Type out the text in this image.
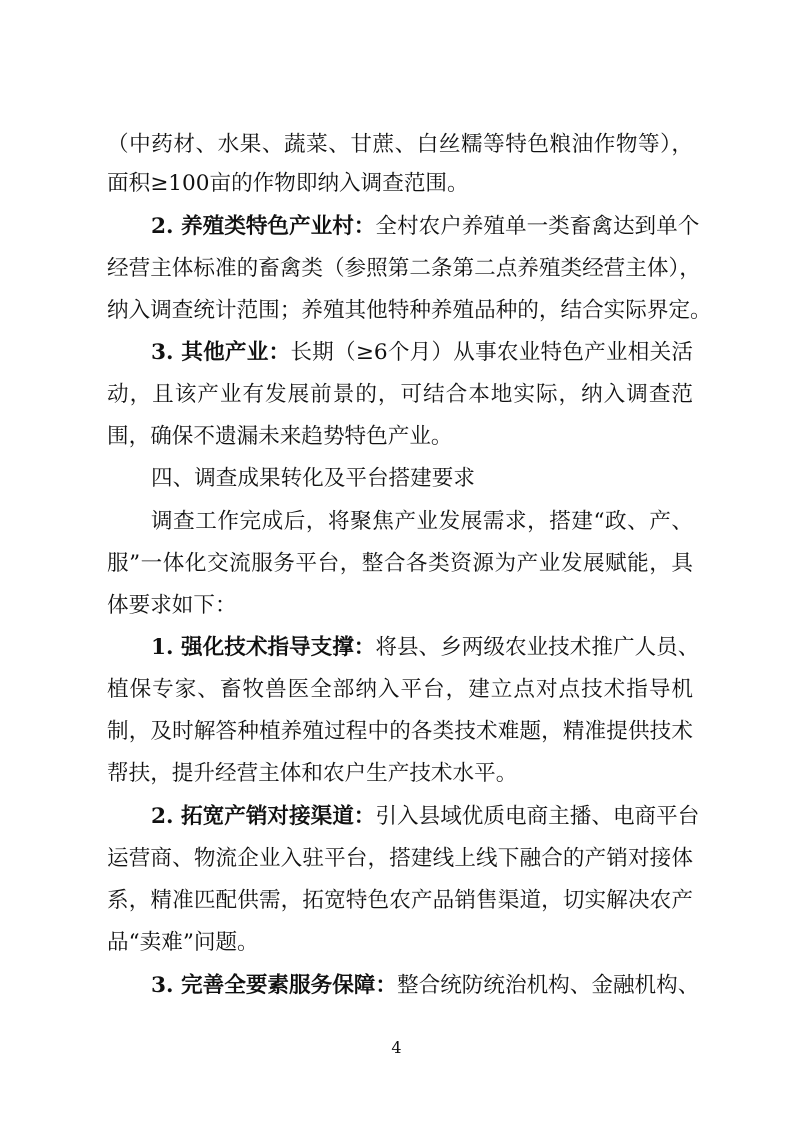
（中药材、水果、蔬菜、甘蔗、白丝糯等特色粮油作物等），
面积≥100亩的作物即纳入调查范围。
2. 养殖类特色产业村：全村农户养殖单一类畜禽达到单个
经营主体标准的畜禽类（参照第二条第二点养殖类经营主体），
纳入调查统计范围；养殖其他特种养殖品种的，结合实际界定。
3. 其他产业：长期（≥6个月）从事农业特色产业相关活
动，且该产业有发展前景的，可结合本地实际，纳入调查范
围，确保不遗漏未来趋势特色产业。
四、调查成果转化及平台搭建要求
调查工作完成后，将聚焦产业发展需求，搭建“政、产、
服”一体化交流服务平台，整合各类资源为产业发展赋能，具
体要求如下：
1. 强化技术指导支撑：将县、乡两级农业技术推广人员、
植保专家、畜牧兽医全部纳入平台，建立点对点技术指导机
制，及时解答种植养殖过程中的各类技术难题，精准提供技术
帮扶，提升经营主体和农户生产技术水平。
2. 拓宽产销对接渠道：引入县域优质电商主播、电商平台
运营商、物流企业入驻平台，搭建线上线下融合的产销对接体
系，精准匹配供需，拓宽特色农产品销售渠道，切实解决农产
品“卖难”问题。
3. 完善全要素服务保障：整合统防统治机构、金融机构、
4
